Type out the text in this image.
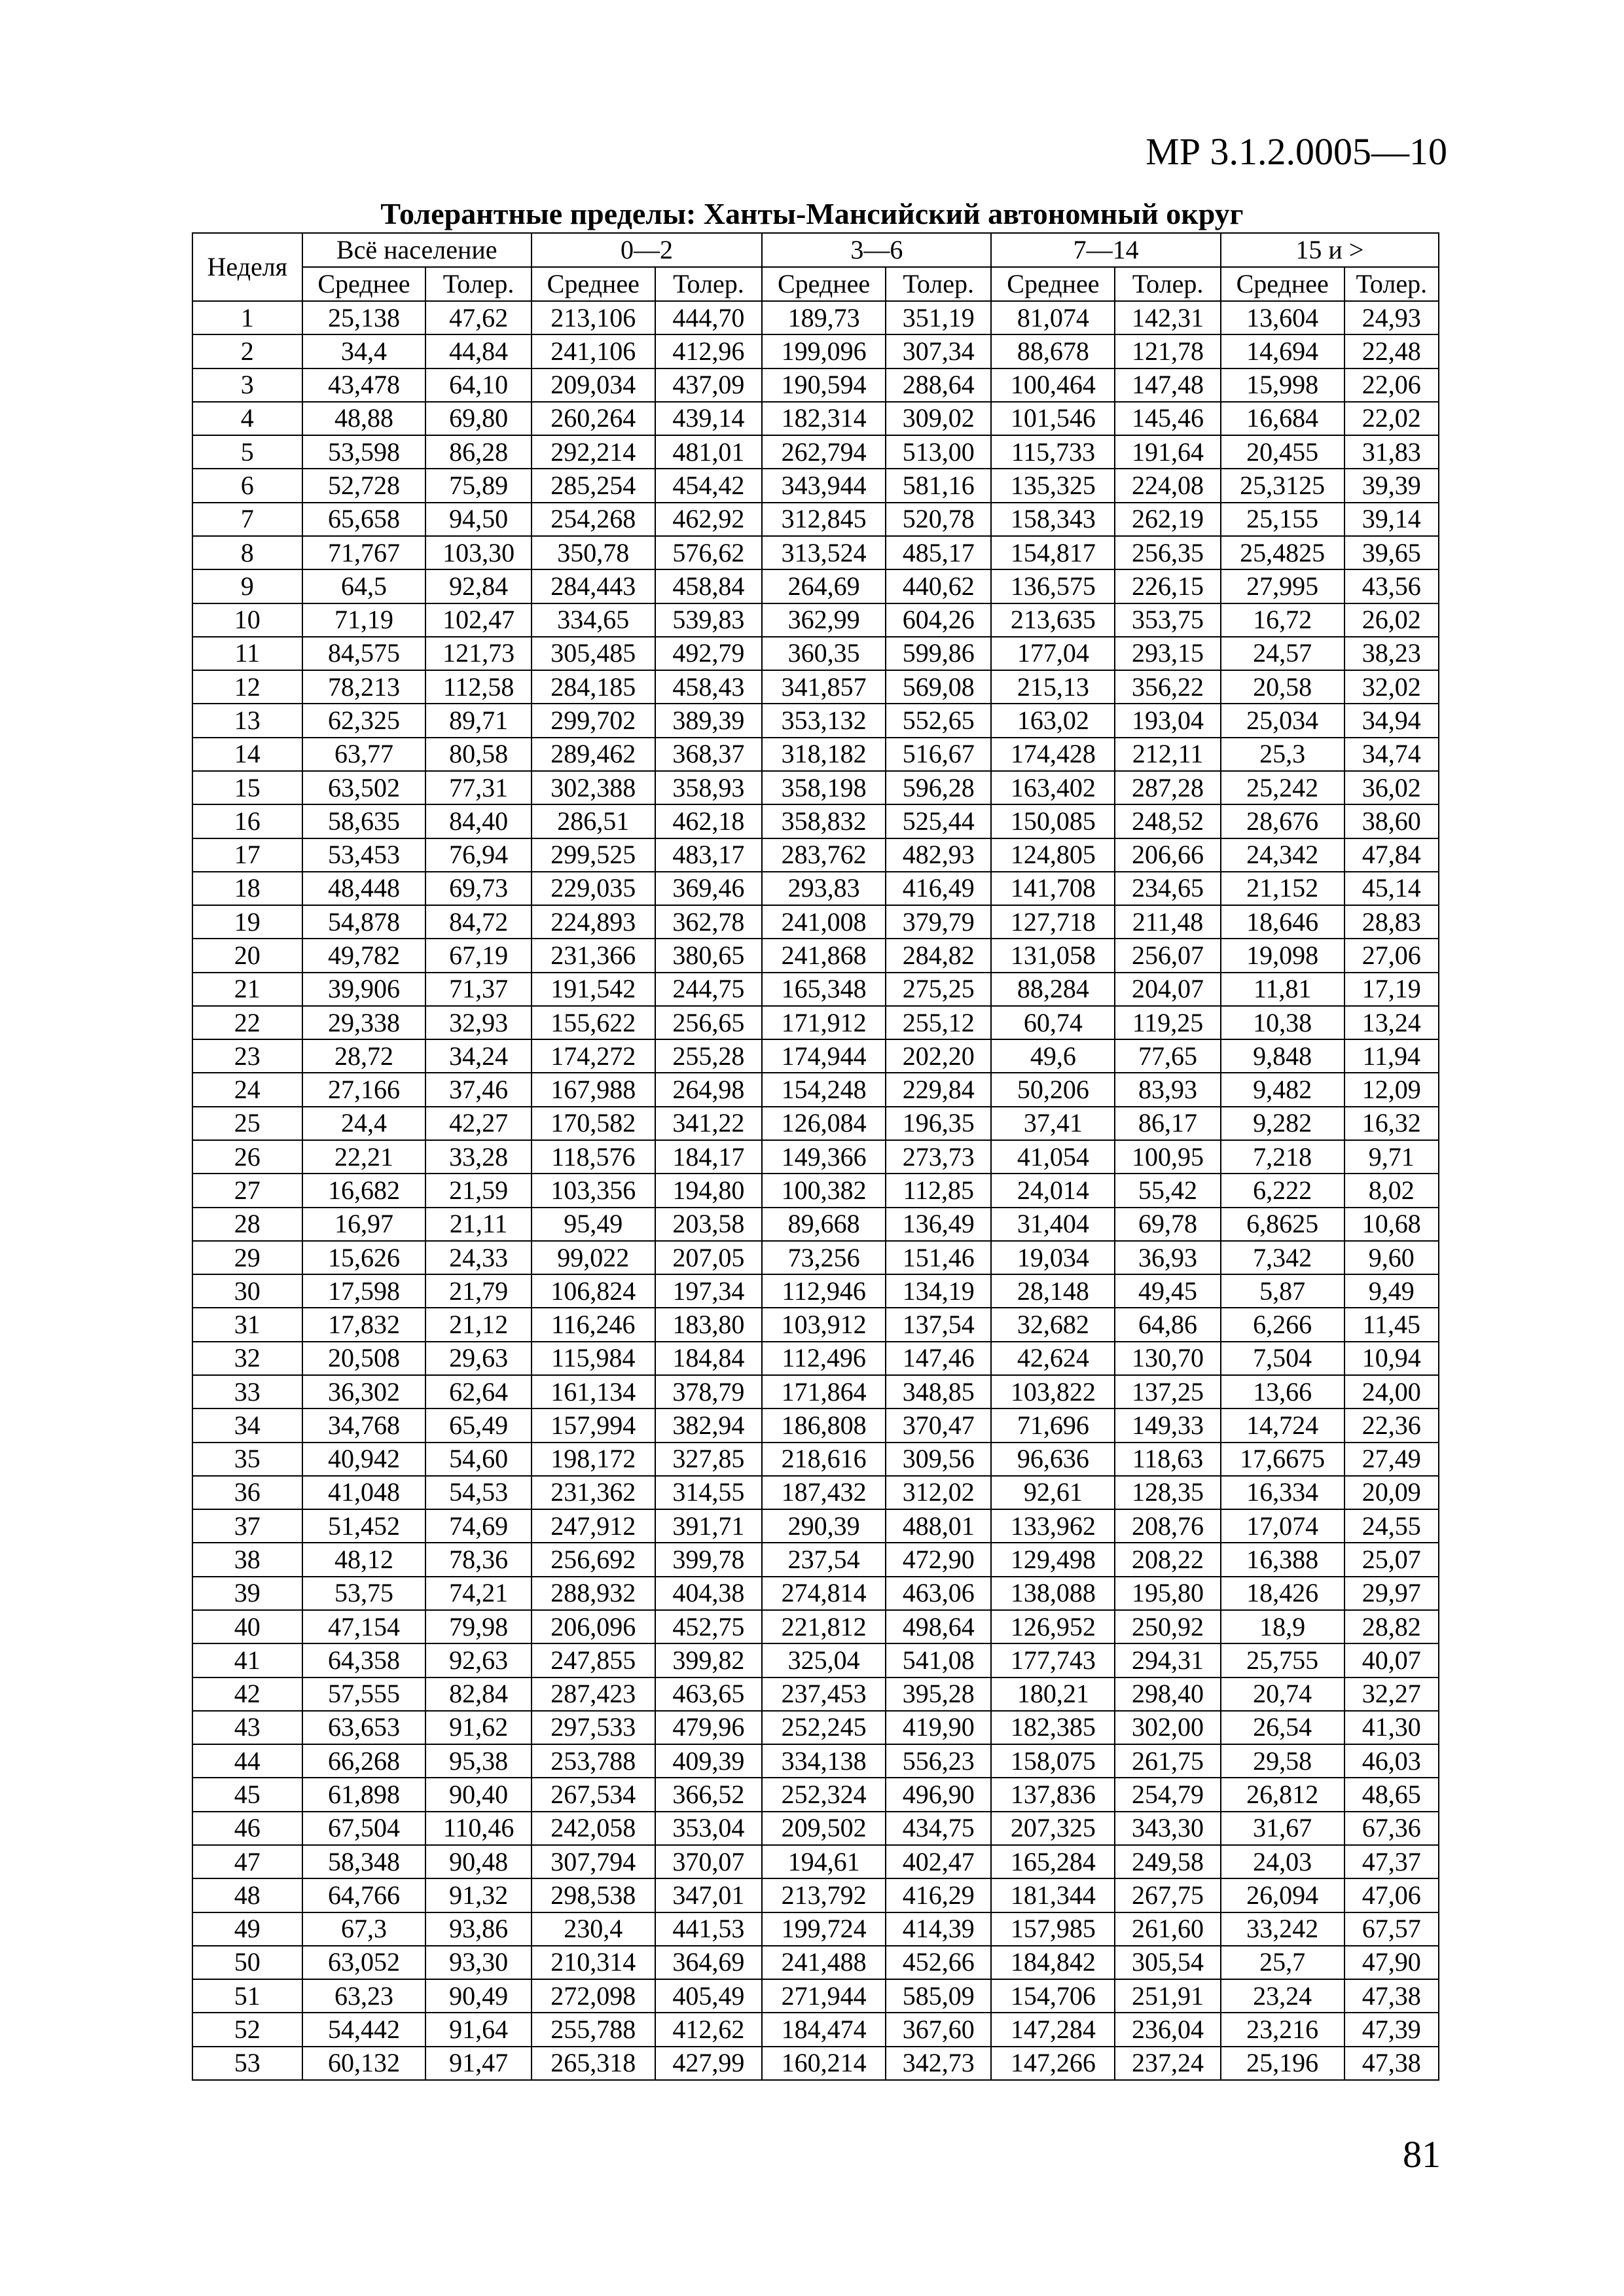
МР 3.1.2.0005—10
Толерантные пределы: Ханты-Мансийский автономный округ
Неделя	Всё население		0—2		3—6		7—14		15 и >	
	Среднее	Толер.	Среднее	Толер.	Среднее	Толер.	Среднее	Толер.	Среднее	Толер.
1	25,138	47,62	213,106	444,70	189,73	351,19	81,074	142,31	13,604	24,93
2	34,4	44,84	241,106	412,96	199,096	307,34	88,678	121,78	14,694	22,48
3	43,478	64,10	209,034	437,09	190,594	288,64	100,464	147,48	15,998	22,06
4	48,88	69,80	260,264	439,14	182,314	309,02	101,546	145,46	16,684	22,02
5	53,598	86,28	292,214	481,01	262,794	513,00	115,733	191,64	20,455	31,83
6	52,728	75,89	285,254	454,42	343,944	581,16	135,325	224,08	25,3125	39,39
7	65,658	94,50	254,268	462,92	312,845	520,78	158,343	262,19	25,155	39,14
8	71,767	103,30	350,78	576,62	313,524	485,17	154,817	256,35	25,4825	39,65
9	64,5	92,84	284,443	458,84	264,69	440,62	136,575	226,15	27,995	43,56
10	71,19	102,47	334,65	539,83	362,99	604,26	213,635	353,75	16,72	26,02
11	84,575	121,73	305,485	492,79	360,35	599,86	177,04	293,15	24,57	38,23
12	78,213	112,58	284,185	458,43	341,857	569,08	215,13	356,22	20,58	32,02
13	62,325	89,71	299,702	389,39	353,132	552,65	163,02	193,04	25,034	34,94
14	63,77	80,58	289,462	368,37	318,182	516,67	174,428	212,11	25,3	34,74
15	63,502	77,31	302,388	358,93	358,198	596,28	163,402	287,28	25,242	36,02
16	58,635	84,40	286,51	462,18	358,832	525,44	150,085	248,52	28,676	38,60
17	53,453	76,94	299,525	483,17	283,762	482,93	124,805	206,66	24,342	47,84
18	48,448	69,73	229,035	369,46	293,83	416,49	141,708	234,65	21,152	45,14
19	54,878	84,72	224,893	362,78	241,008	379,79	127,718	211,48	18,646	28,83
20	49,782	67,19	231,366	380,65	241,868	284,82	131,058	256,07	19,098	27,06
21	39,906	71,37	191,542	244,75	165,348	275,25	88,284	204,07	11,81	17,19
22	29,338	32,93	155,622	256,65	171,912	255,12	60,74	119,25	10,38	13,24
23	28,72	34,24	174,272	255,28	174,944	202,20	49,6	77,65	9,848	11,94
24	27,166	37,46	167,988	264,98	154,248	229,84	50,206	83,93	9,482	12,09
25	24,4	42,27	170,582	341,22	126,084	196,35	37,41	86,17	9,282	16,32
26	22,21	33,28	118,576	184,17	149,366	273,73	41,054	100,95	7,218	9,71
27	16,682	21,59	103,356	194,80	100,382	112,85	24,014	55,42	6,222	8,02
28	16,97	21,11	95,49	203,58	89,668	136,49	31,404	69,78	6,8625	10,68
29	15,626	24,33	99,022	207,05	73,256	151,46	19,034	36,93	7,342	9,60
30	17,598	21,79	106,824	197,34	112,946	134,19	28,148	49,45	5,87	9,49
31	17,832	21,12	116,246	183,80	103,912	137,54	32,682	64,86	6,266	11,45
32	20,508	29,63	115,984	184,84	112,496	147,46	42,624	130,70	7,504	10,94
33	36,302	62,64	161,134	378,79	171,864	348,85	103,822	137,25	13,66	24,00
34	34,768	65,49	157,994	382,94	186,808	370,47	71,696	149,33	14,724	22,36
35	40,942	54,60	198,172	327,85	218,616	309,56	96,636	118,63	17,6675	27,49
36	41,048	54,53	231,362	314,55	187,432	312,02	92,61	128,35	16,334	20,09
37	51,452	74,69	247,912	391,71	290,39	488,01	133,962	208,76	17,074	24,55
38	48,12	78,36	256,692	399,78	237,54	472,90	129,498	208,22	16,388	25,07
39	53,75	74,21	288,932	404,38	274,814	463,06	138,088	195,80	18,426	29,97
40	47,154	79,98	206,096	452,75	221,812	498,64	126,952	250,92	18,9	28,82
41	64,358	92,63	247,855	399,82	325,04	541,08	177,743	294,31	25,755	40,07
42	57,555	82,84	287,423	463,65	237,453	395,28	180,21	298,40	20,74	32,27
43	63,653	91,62	297,533	479,96	252,245	419,90	182,385	302,00	26,54	41,30
44	66,268	95,38	253,788	409,39	334,138	556,23	158,075	261,75	29,58	46,03
45	61,898	90,40	267,534	366,52	252,324	496,90	137,836	254,79	26,812	48,65
46	67,504	110,46	242,058	353,04	209,502	434,75	207,325	343,30	31,67	67,36
47	58,348	90,48	307,794	370,07	194,61	402,47	165,284	249,58	24,03	47,37
48	64,766	91,32	298,538	347,01	213,792	416,29	181,344	267,75	26,094	47,06
49	67,3	93,86	230,4	441,53	199,724	414,39	157,985	261,60	33,242	67,57
50	63,052	93,30	210,314	364,69	241,488	452,66	184,842	305,54	25,7	47,90
51	63,23	90,49	272,098	405,49	271,944	585,09	154,706	251,91	23,24	47,38
52	54,442	91,64	255,788	412,62	184,474	367,60	147,284	236,04	23,216	47,39
53	60,132	91,47	265,318	427,99	160,214	342,73	147,266	237,24	25,196	47,38
81
